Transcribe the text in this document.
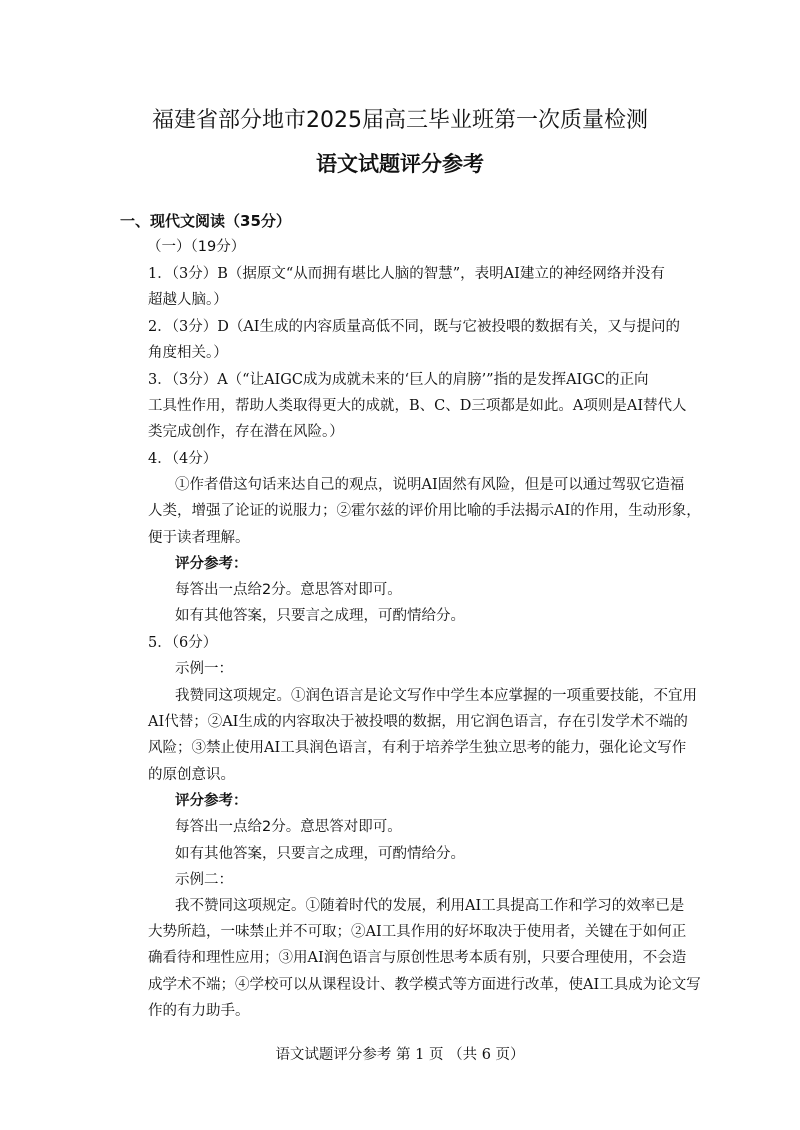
福建省部分地市2025届高三毕业班第一次质量检测
语文试题评分参考
一、现代文阅读（35分）
（一）（19分）
1．（3分）B（据原文“从而拥有堪比人脑的智慧”，表明AI建立的神经网络并没有
超越人脑。）
2．（3分）D（AI生成的内容质量高低不同，既与它被投喂的数据有关，又与提问的
角度相关。）
3．（3分）A（“让AIGC成为成就未来的‘巨人的肩膀’”指的是发挥AIGC的正向
工具性作用，帮助人类取得更大的成就，B、C、D三项都是如此。A项则是AI替代人
类完成创作，存在潜在风险。）
4．（4分）
①作者借这句话来达自己的观点，说明AI固然有风险，但是可以通过驾驭它造福
人类，增强了论证的说服力；②霍尔兹的评价用比喻的手法揭示AI的作用，生动形象，
便于读者理解。
评分参考：
每答出一点给2分。意思答对即可。
如有其他答案，只要言之成理，可酌情给分。
5．（6分）
示例一：
我赞同这项规定。①润色语言是论文写作中学生本应掌握的一项重要技能，不宜用
AI代替；②AI生成的内容取决于被投喂的数据，用它润色语言，存在引发学术不端的
风险；③禁止使用AI工具润色语言，有利于培养学生独立思考的能力，强化论文写作
的原创意识。
评分参考：
每答出一点给2分。意思答对即可。
如有其他答案，只要言之成理，可酌情给分。
示例二：
我不赞同这项规定。①随着时代的发展，利用AI工具提高工作和学习的效率已是
大势所趋，一味禁止并不可取；②AI工具作用的好坏取决于使用者，关键在于如何正
确看待和理性应用；③用AI润色语言与原创性思考本质有别，只要合理使用，不会造
成学术不端；④学校可以从课程设计、教学模式等方面进行改革，使AI工具成为论文写
作的有力助手。
语文试题评分参考 第 1 页 （共 6 页）
